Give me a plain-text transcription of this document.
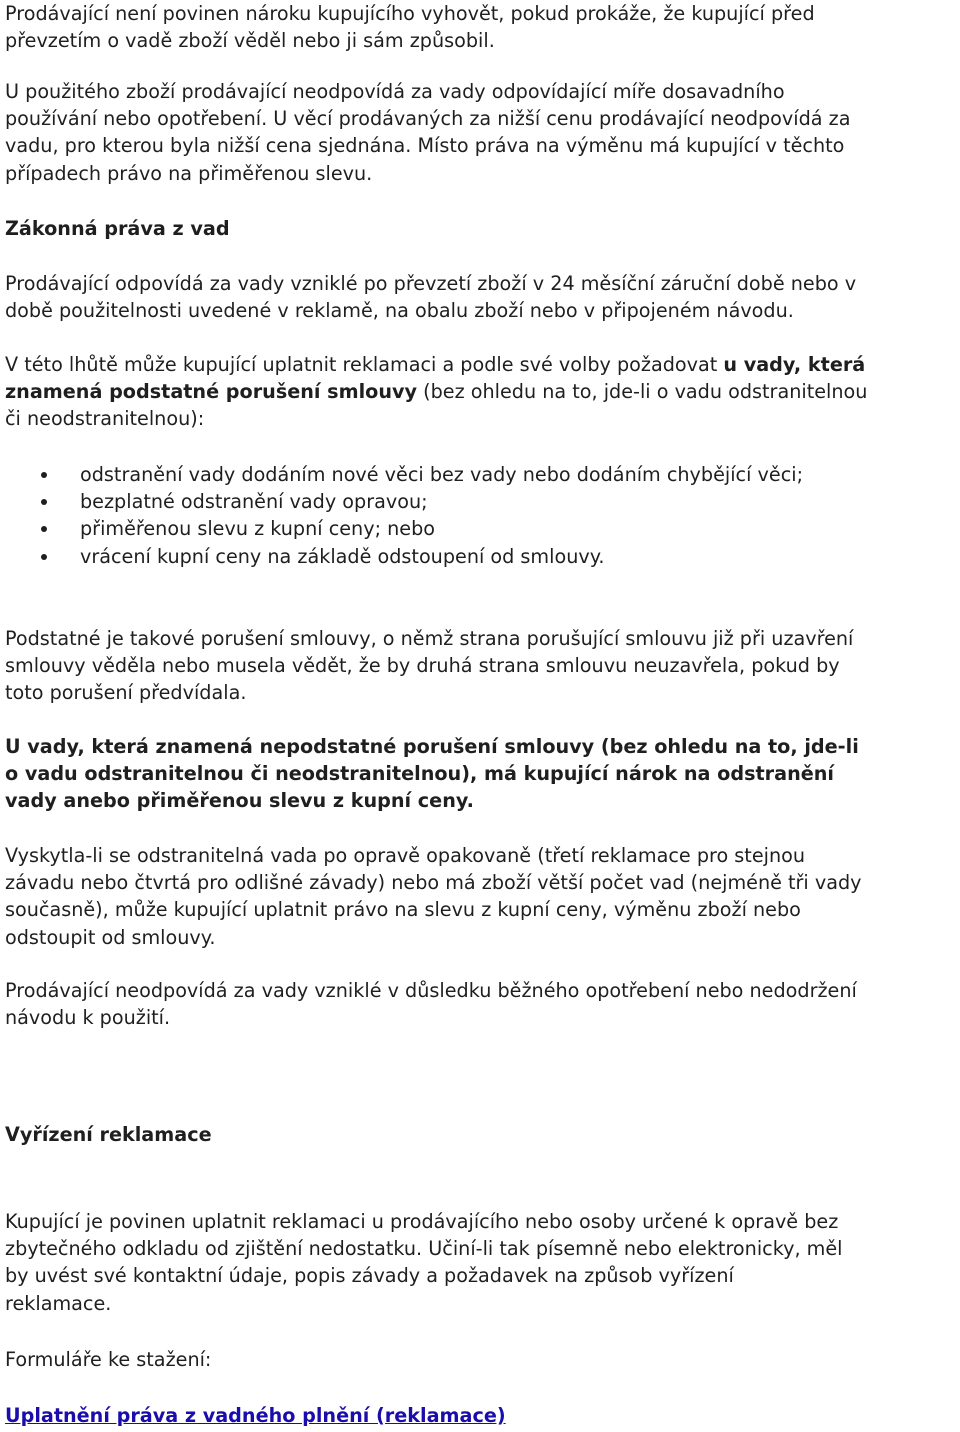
Prodávající není povinen nároku kupujícího vyhovět, pokud prokáže, že kupující před
převzetím o vadě zboží věděl nebo ji sám způsobil.
U použitého zboží prodávající neodpovídá za vady odpovídající míře dosavadního
používání nebo opotřebení. U věcí prodávaných za nižší cenu prodávající neodpovídá za
vadu, pro kterou byla nižší cena sjednána. Místo práva na výměnu má kupující v těchto
případech právo na přiměřenou slevu.
Zákonná práva z vad
Prodávající odpovídá za vady vzniklé po převzetí zboží v 24 měsíční záruční době nebo v
době použitelnosti uvedené v reklamě, na obalu zboží nebo v připojeném návodu.
V této lhůtě může kupující uplatnit reklamaci a podle své volby požadovat u vady, která
znamená podstatné porušení smlouvy (bez ohledu na to, jde-li o vadu odstranitelnou
či neodstranitelnou):
odstranění vady dodáním nové věci bez vady nebo dodáním chybějící věci;
bezplatné odstranění vady opravou;
přiměřenou slevu z kupní ceny; nebo
vrácení kupní ceny na základě odstoupení od smlouvy.
Podstatné je takové porušení smlouvy, o němž strana porušující smlouvu již při uzavření
smlouvy věděla nebo musela vědět, že by druhá strana smlouvu neuzavřela, pokud by
toto porušení předvídala.
U vady, která znamená nepodstatné porušení smlouvy (bez ohledu na to, jde-li
o vadu odstranitelnou či neodstranitelnou), má kupující nárok na odstranění
vady anebo přiměřenou slevu z kupní ceny.
Vyskytla-li se odstranitelná vada po opravě opakovaně (třetí reklamace pro stejnou
závadu nebo čtvrtá pro odlišné závady) nebo má zboží větší počet vad (nejméně tři vady
současně), může kupující uplatnit právo na slevu z kupní ceny, výměnu zboží nebo
odstoupit od smlouvy.
Prodávající neodpovídá za vady vzniklé v důsledku běžného opotřebení nebo nedodržení
návodu k použití.
Vyřízení reklamace
Kupující je povinen uplatnit reklamaci u prodávajícího nebo osoby určené k opravě bez
zbytečného odkladu od zjištění nedostatku. Učiní-li tak písemně nebo elektronicky, měl
by uvést své kontaktní údaje, popis závady a požadavek na způsob vyřízení
reklamace.
Formuláře ke stažení:
Uplatnění práva z vadného plnění (reklamace)
